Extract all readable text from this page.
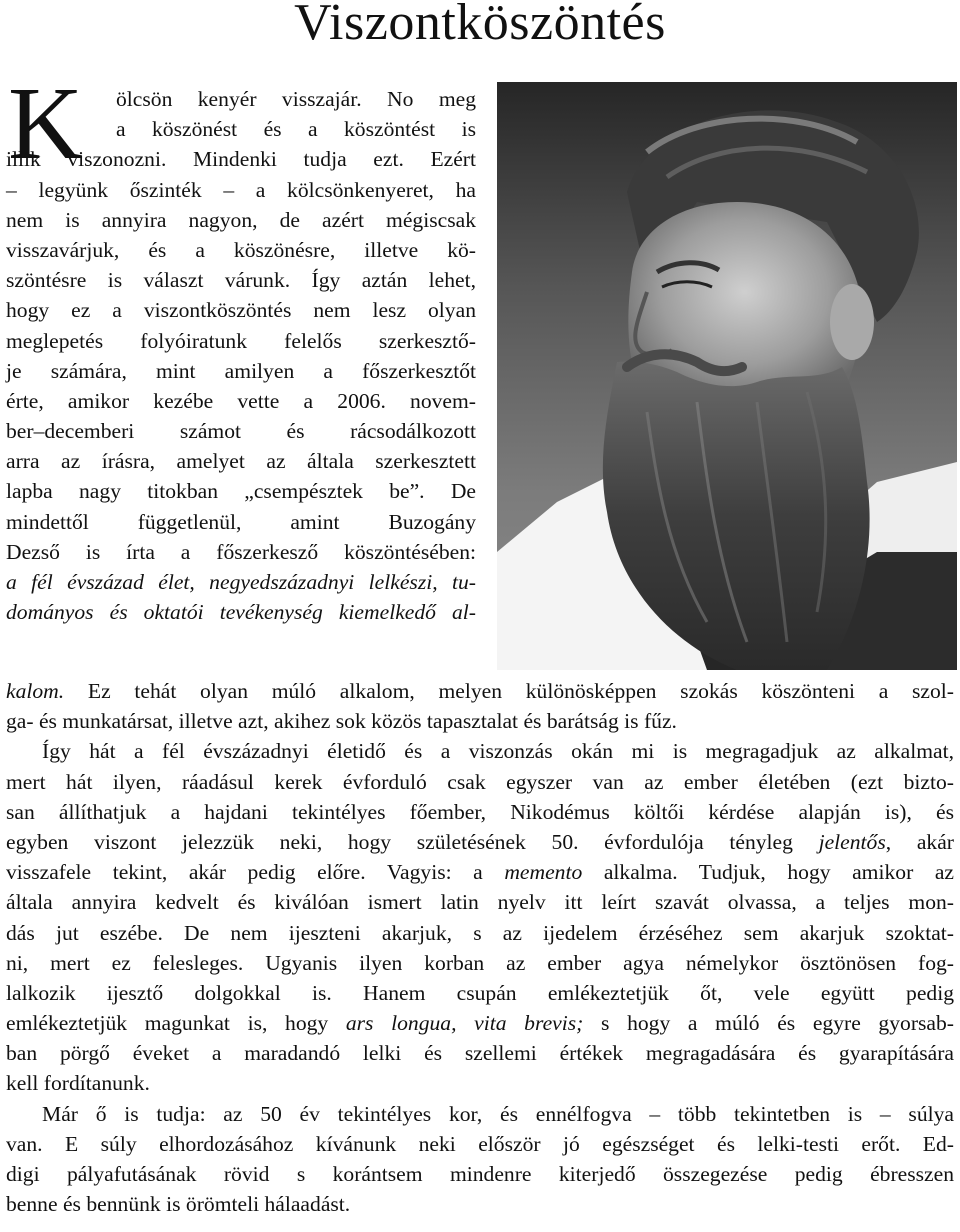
Viszontköszöntés
K	ölcsön kenyér visszajár. No meg
a köszönést és a köszöntést is
illik viszonozni. Mindenki tudja ezt. Ezért
– legyünk őszinték – a kölcsönkenyeret, ha
nem is annyira nagyon, de azért mégiscsak
visszavárjuk, és a köszönésre, illetve kö-
szöntésre is választ várunk. Így aztán lehet,
hogy ez a viszontköszöntés nem lesz olyan
meglepetés folyóiratunk felelős szerkesztő-
je számára, mint amilyen a főszerkesztőt
érte, amikor kezébe vette a 2006. novem-
ber–decemberi számot és rácsodálkozott
arra az írásra, amelyet az általa szerkesztett
lapba nagy titokban „csempésztek be”. De
mindettől függetlenül, amint Buzogány
Dezső is írta a főszerkesző köszöntésében:
a fél évszázad élet, negyedszázadnyi lelkészi, tu-
dományos és oktatói tevékenység kiemelkedő al-
kalom. Ez tehát olyan múló alkalom, melyen különösképpen szokás köszönteni a szol-
ga- és munkatársat, illetve azt, akihez sok közös tapasztalat és barátság is fűz.
Így hát a fél évszázadnyi életidő és a viszonzás okán mi is megragadjuk az alkalmat,
mert hát ilyen, ráadásul kerek évforduló csak egyszer van az ember életében (ezt bizto-
san állíthatjuk a hajdani tekintélyes főember, Nikodémus költői kérdése alapján is), és
egyben viszont jelezzük neki, hogy születésének 50. évfordulója tényleg jelentős, akár
visszafele tekint, akár pedig előre. Vagyis: a memento alkalma. Tudjuk, hogy amikor az
általa annyira kedvelt és kiválóan ismert latin nyelv itt leírt szavát olvassa, a teljes mon-
dás jut eszébe. De nem ijeszteni akarjuk, s az ijedelem érzéséhez sem akarjuk szoktat-
ni, mert ez felesleges. Ugyanis ilyen korban az ember agya némelykor ösztönösen fog-
lalkozik ijesztő dolgokkal is. Hanem csupán emlékeztetjük őt, vele együtt pedig
emlékeztetjük magunkat is, hogy ars longua, vita brevis; s hogy a múló és egyre gyorsab-
ban pörgő éveket a maradandó lelki és szellemi értékek megragadására és gyarapítására
kell fordítanunk.
Már ő is tudja: az 50 év tekintélyes kor, és ennélfogva – több tekintetben is – súlya
van. E súly elhordozásához kívánunk neki először jó egészséget és lelki-testi erőt. Ed-
digi pályafutásának rövid s korántsem mindenre kiterjedő összegezése pedig ébresszen
benne és bennünk is örömteli hálaadást.
